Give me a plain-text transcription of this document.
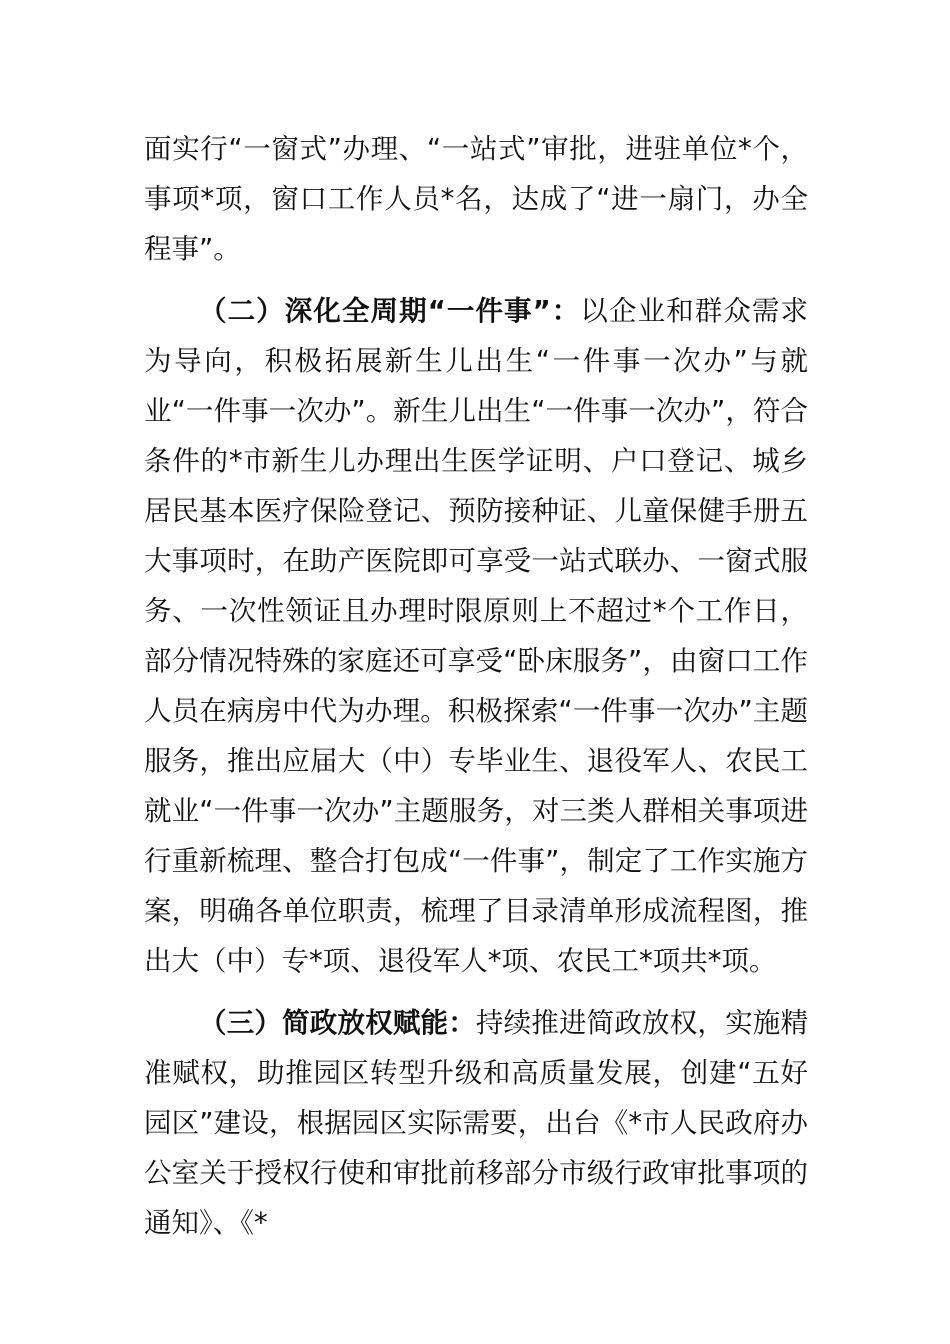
面实行“一窗式”办理、“一站式”审批，进驻单位*个，事项*项，窗口工作人员*名，达成了“进一扇门，办全程事”。

（二）深化全周期“一件事”：以企业和群众需求为导向，积极拓展新生儿出生“一件事一次办”与就业“一件事一次办”。新生儿出生“一件事一次办”，符合条件的*市新生儿办理出生医学证明、户口登记、城乡居民基本医疗保险登记、预防接种证、儿童保健手册五大事项时，在助产医院即可享受一站式联办、一窗式服务、一次性领证且办理时限原则上不超过*个工作日，部分情况特殊的家庭还可享受“卧床服务”，由窗口工作人员在病房中代为办理。积极探索“一件事一次办”主题服务，推出应届大（中）专毕业生、退役军人、农民工就业“一件事一次办”主题服务，对三类人群相关事项进行重新梳理、整合打包成“一件事”，制定了工作实施方案，明确各单位职责，梳理了目录清单形成流程图，推出大（中）专*项、退役军人*项、农民工*项共*项。

（三）简政放权赋能：持续推进简政放权，实施精准赋权，助推园区转型升级和高质量发展，创建“五好园区”建设，根据园区实际需要，出台《*市人民政府办公室关于授权行使和审批前移部分市级行政审批事项的通知》、《*
